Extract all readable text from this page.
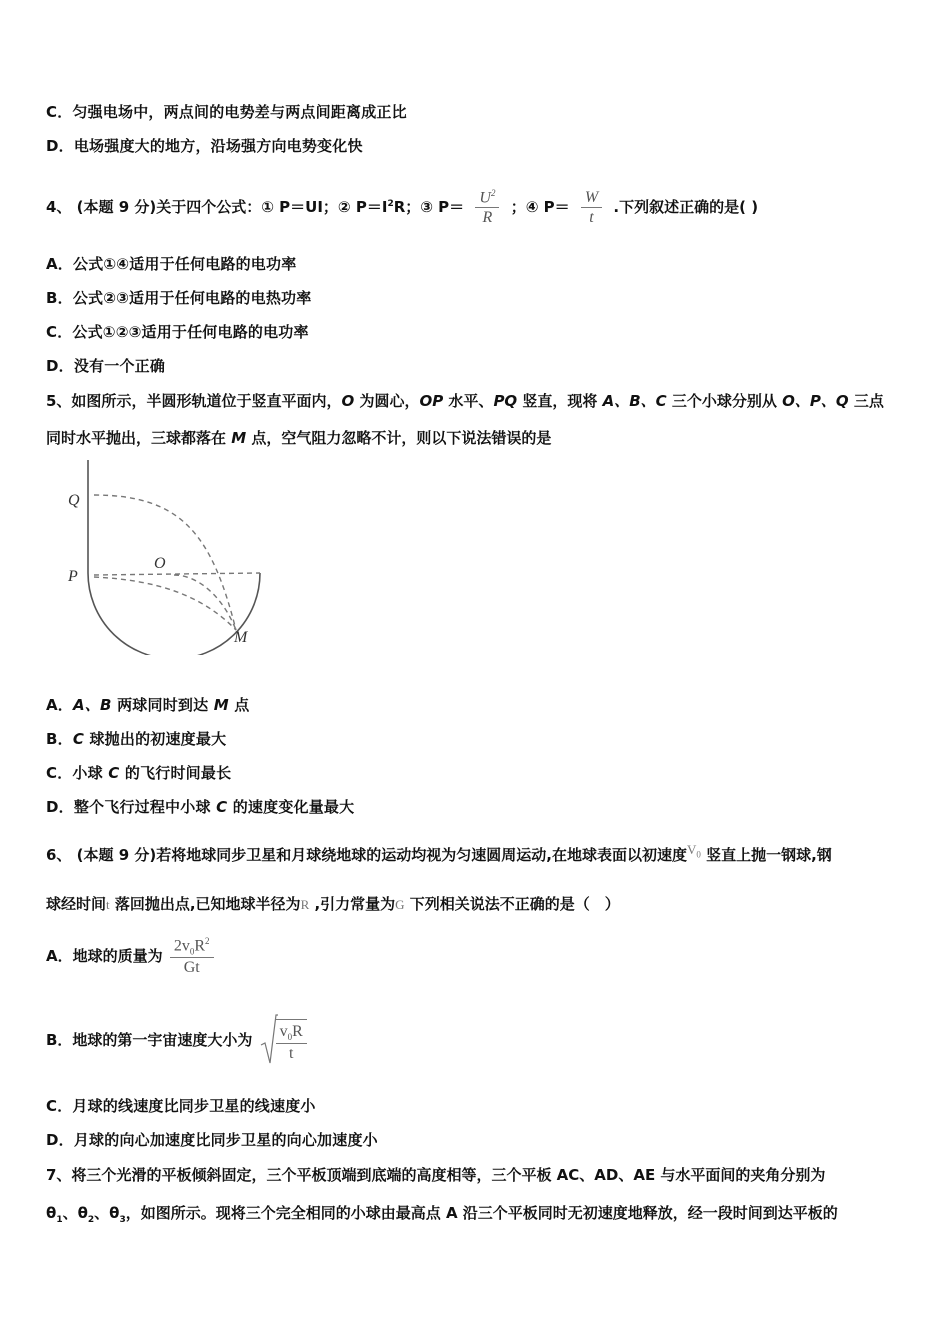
C．匀强电场中，两点间的电势差与两点间距离成正比
D．电场强度大的地方，沿场强方向电势变化快
4、 (本题 9 分)关于四个公式：① P＝UI；② $P=I^2R$；③ $P= \frac{U^2}{R}$ ；④ $P= \frac{W}{t}$ .下列叙述正确的是( )
A．公式①④适用于任何电路的电功率
B．公式②③适用于任何电路的电热功率
C．公式①②③适用于任何电路的电功率
D．没有一个正确
5、如图所示，半圆形轨道位于竖直平面内，O 为圆心，OP 水平、PQ 竖直，现将 A、B、C 三个小球分别从 O、P、Q 三点
同时水平抛出，三球都落在 M 点，空气阻力忽略不计，则以下说法错误的是
Q
P
O
M
A．A、B 两球同时到达 M 点
B．C 球抛出的初速度最大
C．小球 C 的飞行时间最长
D．整个飞行过程中小球 C 的速度变化量最大
6、 (本题 9 分)若将地球同步卫星和月球绕地球的运动均视为匀速圆周运动,在地球表面以初速度$V_0$ 竖直上抛一钢球,钢
球经时间t 落回抛出点,已知地球半径为R ,引力常量为G 下列相关说法不正确的是（　）
A．地球的质量为 $\frac{2v_0R^2}{Gt}$
B．地球的第一宇宙速度大小为 $\frac{v_0R}{t}$
C．月球的线速度比同步卫星的线速度小
D．月球的向心加速度比同步卫星的向心加速度小
7、将三个光滑的平板倾斜固定，三个平板顶端到底端的高度相等，三个平板 AC、AD、AE 与水平面间的夹角分别为
$\theta_1$、$\theta_2$、$\theta_3$，如图所示。现将三个完全相同的小球由最高点 A 沿三个平板同时无初速度地释放，经一段时间到达平板的
